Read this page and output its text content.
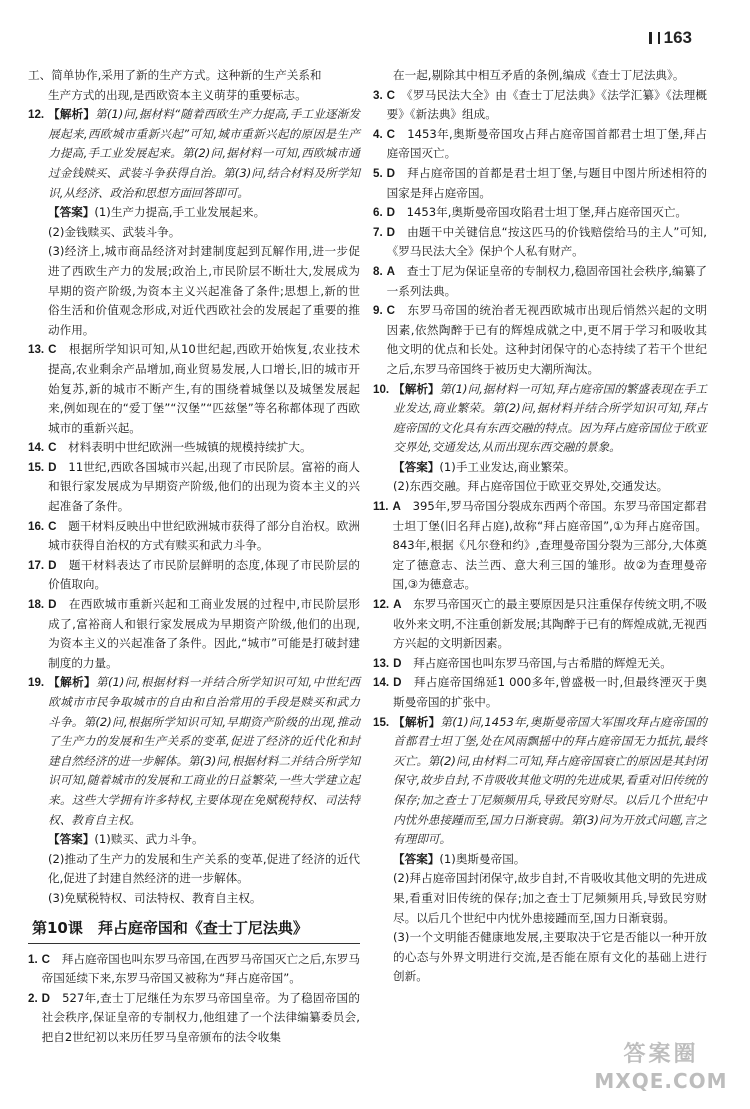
163

工、简单协作,采用了新的生产方式。这种新的生产关系和

生产方式的出现,是西欧资本主义萌芽的重要标志。

12. 【解析】第(1)问,据材料“随着西欧生产力提高,手工业逐渐发展起来,西欧城市重新兴起”可知,城市重新兴起的原因是生产力提高,手工业发展起来。第(2)问,据材料一可知,西欧城市通过金钱赎买、武装斗争获得自治。第(3)问,结合材料及所学知识,从经济、政治和思想方面回答即可。

【答案】(1)生产力提高,手工业发展起来。

(2)金钱赎买、武装斗争。

(3)经济上,城市商品经济对封建制度起到瓦解作用,进一步促进了西欧生产力的发展;政治上,市民阶层不断壮大,发展成为早期的资产阶级,为资本主义兴起准备了条件;思想上,新的世俗生活和价值观念形成,对近代西欧社会的发展起了重要的推动作用。

13. C　 根据所学知识可知,从10世纪起,西欧开始恢复,农业技术提高,农业剩余产品增加,商业贸易发展,人口增长,旧的城市开始复苏,新的城市不断产生,有的围绕着城堡以及城堡发展起来,例如现在的“爱丁堡”“汉堡”“匹兹堡”等名称都体现了西欧城市的重新兴起。
14. C　 材料表明中世纪欧洲一些城镇的规模持续扩大。
15. D　 11世纪,西欧各国城市兴起,出现了市民阶层。富裕的商人和银行家发展成为早期资产阶级,他们的出现为资本主义的兴起准备了条件。
16. C　 题干材料反映出中世纪欧洲城市获得了部分自治权。欧洲城市获得自治权的方式有赎买和武力斗争。
17. D　 题干材料表达了市民阶层鲜明的态度,体现了市民阶层的价值取向。
18. D　 在西欧城市重新兴起和工商业发展的过程中,市民阶层形成了,富裕商人和银行家发展成为早期资产阶级,他们的出现,为资本主义的兴起准备了条件。因此,“城市”可能是打破封建制度的力量。
19. 【解析】第(1)问,根据材料一并结合所学知识可知,中世纪西欧城市市民争取城市的自由和自治常用的手段是赎买和武力斗争。第(2)问,根据所学知识可知,早期资产阶级的出现,推动了生产力的发展和生产关系的变革,促进了经济的近代化和封建自然经济的进一步解体。第(3)问,根据材料二并结合所学知识可知,随着城市的发展和工商业的日益繁荣,一些大学建立起来。这些大学拥有许多特权,主要体现在免赋税特权、司法特权、教育自主权。

【答案】(1)赎买、武力斗争。

(2)推动了生产力的发展和生产关系的变革,促进了经济的近代化,促进了封建自然经济的进一步解体。

(3)免赋税特权、司法特权、教育自主权。

第10课　拜占庭帝国和《查士丁尼法典》
1. C　 拜占庭帝国也叫东罗马帝国,在西罗马帝国灭亡之后,东罗马帝国延续下来,东罗马帝国又被称为“拜占庭帝国”。
2. D　 527年,查士丁尼继任为东罗马帝国皇帝。为了稳固帝国的社会秩序,保证皇帝的专制权力,他组建了一个法律编纂委员会,把自2世纪初以来历任罗马皇帝颁布的法令收集

在一起,剔除其中相互矛盾的条例,编成《查士丁尼法典》。

3. C　 《罗马民法大全》由《查士丁尼法典》《法学汇纂》《法理概要》《新法典》组成。
4. C　 1453年,奥斯曼帝国攻占拜占庭帝国首都君士坦丁堡,拜占庭帝国灭亡。
5. D　 拜占庭帝国的首都是君士坦丁堡,与题目中图片所述相符的国家是拜占庭帝国。
6. D　 1453年,奥斯曼帝国攻陷君士坦丁堡,拜占庭帝国灭亡。
7. D　 由题干中关键信息“按这匹马的价钱赔偿给马的主人”可知,《罗马民法大全》保护个人私有财产。
8. A　 查士丁尼为保证皇帝的专制权力,稳固帝国社会秩序,编纂了一系列法典。
9. C　 东罗马帝国的统治者无视西欧城市出现后悄然兴起的文明因素,依然陶醉于已有的辉煌成就之中,更不屑于学习和吸收其他文明的优点和长处。这种封闭保守的心态持续了若干个世纪之后,东罗马帝国终于被历史大潮所淘汰。
10. 【解析】第(1)问,据材料一可知,拜占庭帝国的繁盛表现在手工业发达,商业繁荣。第(2)问,据材料并结合所学知识可知,拜占庭帝国的文化具有东西交融的特点。因为拜占庭帝国位于欧亚交界处,交通发达,从而出现东西交融的景象。

【答案】(1)手工业发达,商业繁荣。

(2)东西交融。拜占庭帝国位于欧亚交界处,交通发达。

11. A　 395年,罗马帝国分裂成东西两个帝国。东罗马帝国定都君士坦丁堡(旧名拜占庭),故称“拜占庭帝国”,①为拜占庭帝国。843年,根据《凡尔登和约》,查理曼帝国分裂为三部分,大体奠定了德意志、法兰西、意大利三国的雏形。故②为查理曼帝国,③为德意志。
12. A　 东罗马帝国灭亡的最主要原因是只注重保存传统文明,不吸收外来文明,不注重创新发展;其陶醉于已有的辉煌成就,无视西方兴起的文明新因素。
13. D　 拜占庭帝国也叫东罗马帝国,与古希腊的辉煌无关。
14. D　 拜占庭帝国绵延1 000多年,曾盛极一时,但最终湮灭于奥斯曼帝国的扩张中。
15. 【解析】第(1)问,1453年,奥斯曼帝国大军围攻拜占庭帝国的首都君士坦丁堡,处在风雨飘摇中的拜占庭帝国无力抵抗,最终灭亡。第(2)问,由材料二可知,拜占庭帝国衰亡的原因是其封闭保守,故步自封,不肯吸收其他文明的先进成果,看重对旧传统的保存;加之查士丁尼频频用兵,导致民穷财尽。以后几个世纪中内忧外患接踵而至,国力日渐衰弱。第(3)问为开放式问题,言之有理即可。

【答案】(1)奥斯曼帝国。

(2)拜占庭帝国封闭保守,故步自封,不肯吸收其他文明的先进成果,看重对旧传统的保存;加之查士丁尼频频用兵,导致民穷财尽。以后几个世纪中内忧外患接踵而至,国力日渐衰弱。

(3)一个文明能否健康地发展,主要取决于它是否能以一种开放的心态与外界文明进行交流,是否能在原有文化的基础上进行创新。

答案圈
MXQE.COM
